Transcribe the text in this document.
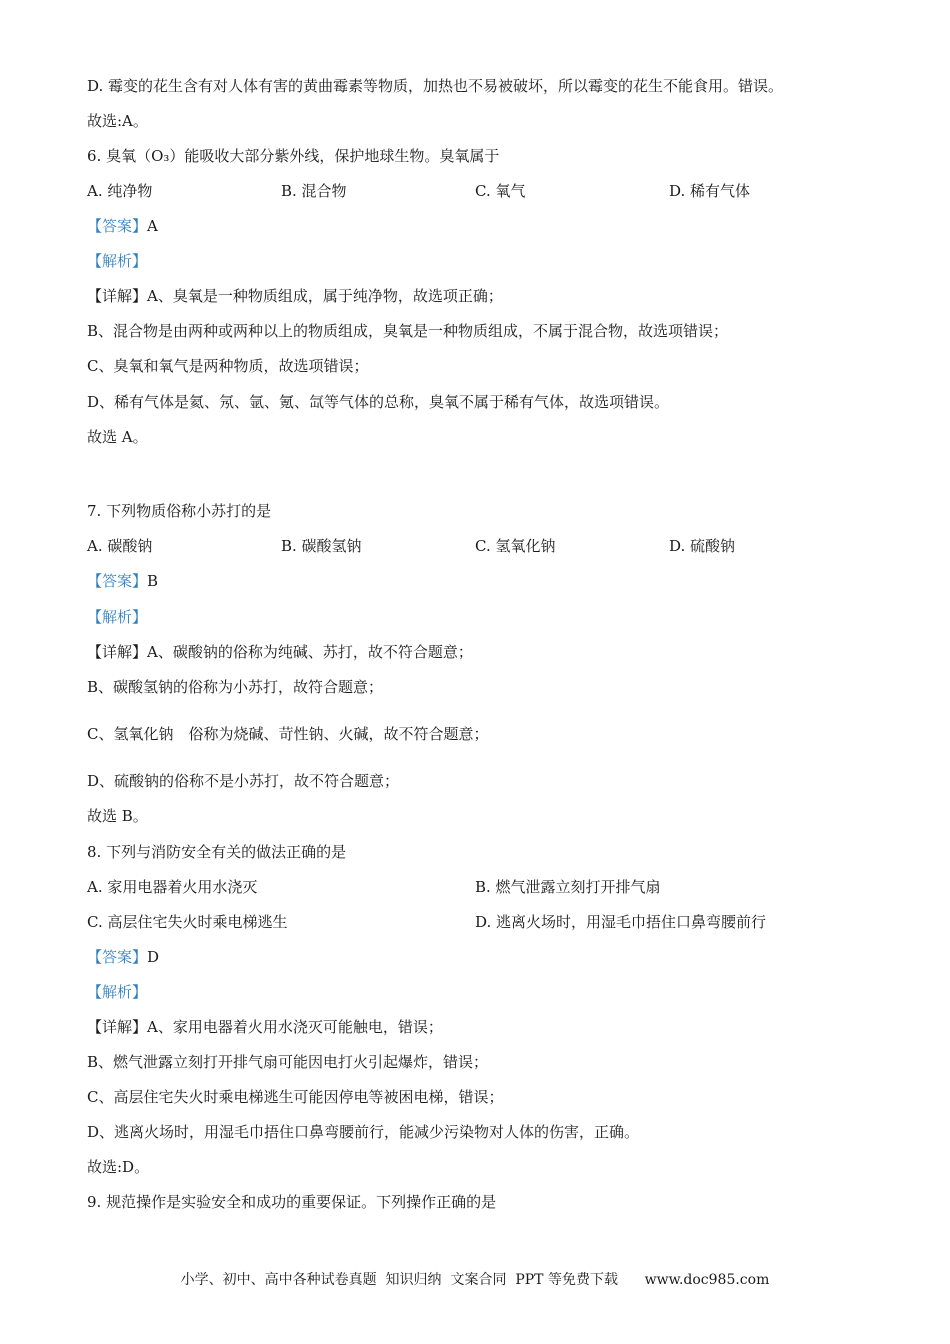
D. 霉变的花生含有对人体有害的黄曲霉素等物质，加热也不易被破坏，所以霉变的花生不能食用。错误。

故选:A。

6. 臭氧（O₃）能吸收大部分紫外线，保护地球生物。臭氧属于

A. 纯净物	B. 混合物	C. 氧气	D. 稀有气体

【答案】A

【解析】

【详解】A、臭氧是一种物质组成，属于纯净物，故选项正确；

B、混合物是由两种或两种以上的物质组成，臭氧是一种物质组成，不属于混合物，故选项错误；

C、臭氧和氧气是两种物质，故选项错误；

D、稀有气体是氦、氖、氩、氪、氙等气体的总称，臭氧不属于稀有气体，故选项错误。

故选 A。

7. 下列物质俗称小苏打的是

A. 碳酸钠	B. 碳酸氢钠	C. 氢氧化钠	D. 硫酸钠

【答案】B

【解析】

【详解】A、碳酸钠的俗称为纯碱、苏打，故不符合题意；

B、碳酸氢钠的俗称为小苏打，故符合题意；

C、氢氧化钠　俗称为烧碱、苛性钠、火碱，故不符合题意；

D、硫酸钠的俗称不是小苏打，故不符合题意；

故选 B。

8. 下列与消防安全有关的做法正确的是

A. 家用电器着火用水浇灭	B. 燃气泄露立刻打开排气扇

C. 高层住宅失火时乘电梯逃生	D. 逃离火场时，用湿毛巾捂住口鼻弯腰前行

【答案】D

【解析】

【详解】A、家用电器着火用水浇灭可能触电，错误；

B、燃气泄露立刻打开排气扇可能因电打火引起爆炸，错误；

C、高层住宅失火时乘电梯逃生可能因停电等被困电梯，错误；

D、逃离火场时，用湿毛巾捂住口鼻弯腰前行，能减少污染物对人体的伤害，正确。

故选:D。

9. 规范操作是实验安全和成功的重要保证。下列操作正确的是

小学、初中、高中各种试卷真题  知识归纳  文案合同  PPT 等免费下载      www.doc985.com
